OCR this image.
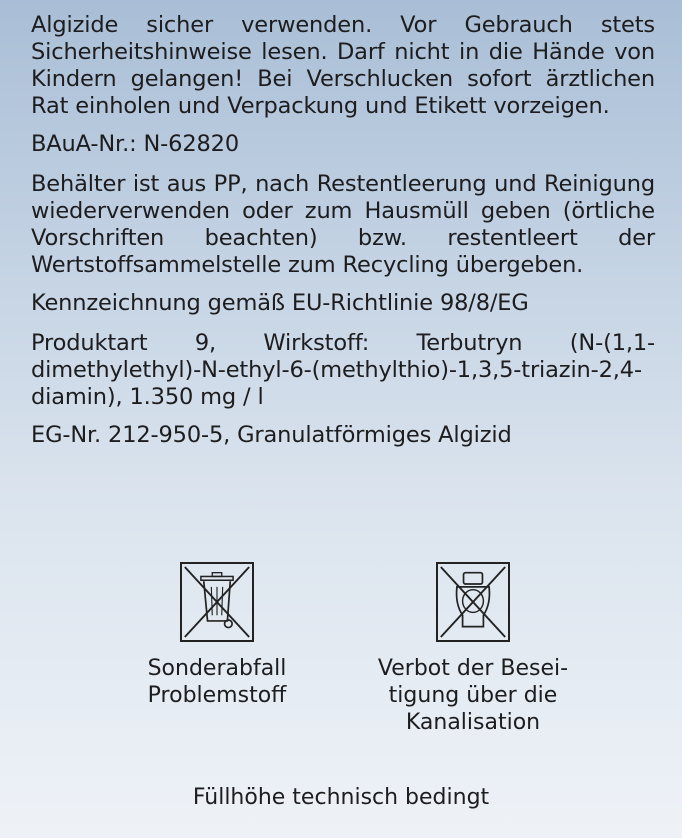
Algizide sicher verwenden. Vor Gebrauch stets Sicherheitshinweise lesen. Darf nicht in die Hände von Kindern gelangen! Bei Verschlucken sofort ärztlichen Rat einholen und Verpackung und Etikett vorzeigen.

BAuA-Nr.: N-62820

Behälter ist aus PP, nach Restentleerung und Reinigung wiederverwenden oder zum Hausmüll geben (örtliche Vorschriften beachten) bzw. restentleert der Wertstoffsammelstelle zum Recycling übergeben.

Kennzeichnung gemäß EU-Richtlinie 98/8/EG

Produktart 9, Wirkstoff: Terbutryn (N-(1,1-dimethylethyl)-N-ethyl-6-(methylthio)-1,3,5-triazin-2,4-diamin), 1.350 mg / l

EG-Nr. 212-950-5, Granulatförmiges Algizid

Sonderabfall
Problemstoff
Verbot der Besei-
tigung über die
Kanalisation
Füllhöhe technisch bedingt
